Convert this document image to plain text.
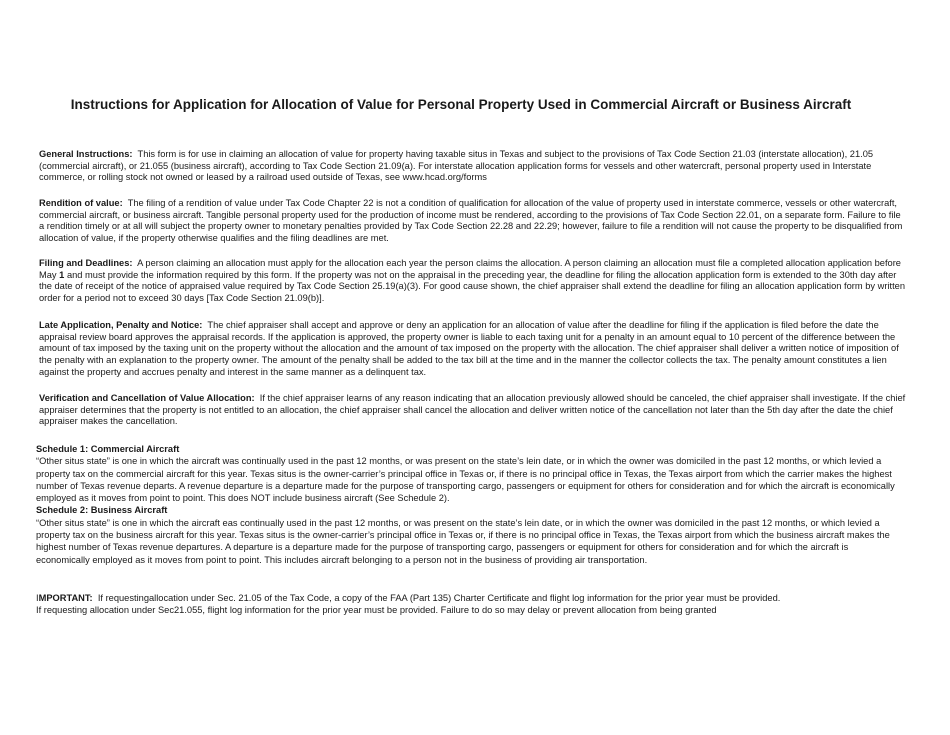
Instructions for Application for Allocation of Value for Personal Property Used in Commercial Aircraft or Business Aircraft

General Instructions: This form is for use in claiming an allocation of value for property having taxable situs in Texas and subject to the provisions of Tax Code Section 21.03 (interstate allocation), 21.05 (commercial aircraft), or 21.055 (business aircraft), according to Tax Code Section 21.09(a). For interstate allocation application forms for vessels and other watercraft, personal property used in Interstate commerce, or rolling stock not owned or leased by a railroad used outside of Texas, see www.hcad.org/forms

Rendition of value: The filing of a rendition of value under Tax Code Chapter 22 is not a condition of qualification for allocation of the value of property used in interstate commerce, vessels or other watercraft, commercial aircraft, or business aircraft. Tangible personal property used for the production of income must be rendered, according to the provisions of Tax Code Section 22.01, on a separate form. Failure to file a rendition timely or at all will subject the property owner to monetary penalties provided by Tax Code Section 22.28 and 22.29; however, failure to file a rendition will not cause the property to be disqualified from allocation of value, if the property otherwise qualifies and the filing deadlines are met.

Filing and Deadlines: A person claiming an allocation must apply for the allocation each year the person claims the allocation. A person claiming an allocation must file a completed allocation application before May 1 and must provide the information required by this form. If the property was not on the appraisal in the preceding year, the deadline for filing the allocation application form is extended to the 30th day after the date of receipt of the notice of appraised value required by Tax Code Section 25.19(a)(3). For good cause shown, the chief appraiser shall extend the deadline for filing an allocation application form by written order for a period not to exceed 30 days [Tax Code Section 21.09(b)].

Late Application, Penalty and Notice: The chief appraiser shall accept and approve or deny an application for an allocation of value after the deadline for filing if the application is filed before the date the appraisal review board approves the appraisal records. If the application is approved, the property owner is liable to each taxing unit for a penalty in an amount equal to 10 percent of the difference between the amount of tax imposed by the taxing unit on the property without the allocation and the amount of tax imposed on the property with the allocation. The chief appraiser shall deliver a written notice of imposition of the penalty with an explanation to the property owner. The amount of the penalty shall be added to the tax bill at the time and in the manner the collector collects the tax. The penalty amount constitutes a lien against the property and accrues penalty and interest in the same manner as a delinquent tax.

Verification and Cancellation of Value Allocation: If the chief appraiser learns of any reason indicating that an allocation previously allowed should be canceled, the chief appraiser shall investigate. If the chief appraiser determines that the property is not entitled to an allocation, the chief appraiser shall cancel the allocation and deliver written notice of the cancellation not later than the 5th day after the date the chief appraiser makes the cancellation.

Schedule 1: Commercial Aircraft

“Other situs state” is one in which the aircraft was continually used in the past 12 months, or was present on the state’s lein date, or in which the owner was domiciled in the past 12 months, or which levied a property tax on the commercial aircraft for this year. Texas situs is the owner-carrier’s principal office in Texas or, if there is no principal office in Texas, the Texas airport from which the carrier makes the highest number of Texas revenue departs. A revenue departure is a departure made for the purpose of transporting cargo, passengers or equipment for others for consideration and for which the aircraft is economically employed as it moves from point to point. This does NOT include business aircraft (See Schedule 2).

Schedule 2: Business Aircraft

“Other situs state” is one in which the aircraft eas continually used in the past 12 months, or was present on the state’s lein date, or in which the owner was domiciled in the past 12 months, or which levied a property tax on the business aircraft for this year. Texas situs is the owner-carrier’s principal office in Texas or, if there is no principal office in Texas, the Texas airport from which the business aircraft makes the highest number of Texas revenue departures. A departure is a departure made for the purpose of transporting cargo, passengers or equipment for others for consideration and for which the aircraft is economically employed as it moves from point to point. This includes aircraft belonging to a person not in the business of providing air transportation.

IMPORTANT: If requestingallocation under Sec. 21.05 of the Tax Code, a copy of the FAA (Part 135) Charter Certificate and flight log information for the prior year must be provided.

If requesting allocation under Sec21.055, flight log information for the prior year must be provided. Failure to do so may delay or prevent allocation from being granted
